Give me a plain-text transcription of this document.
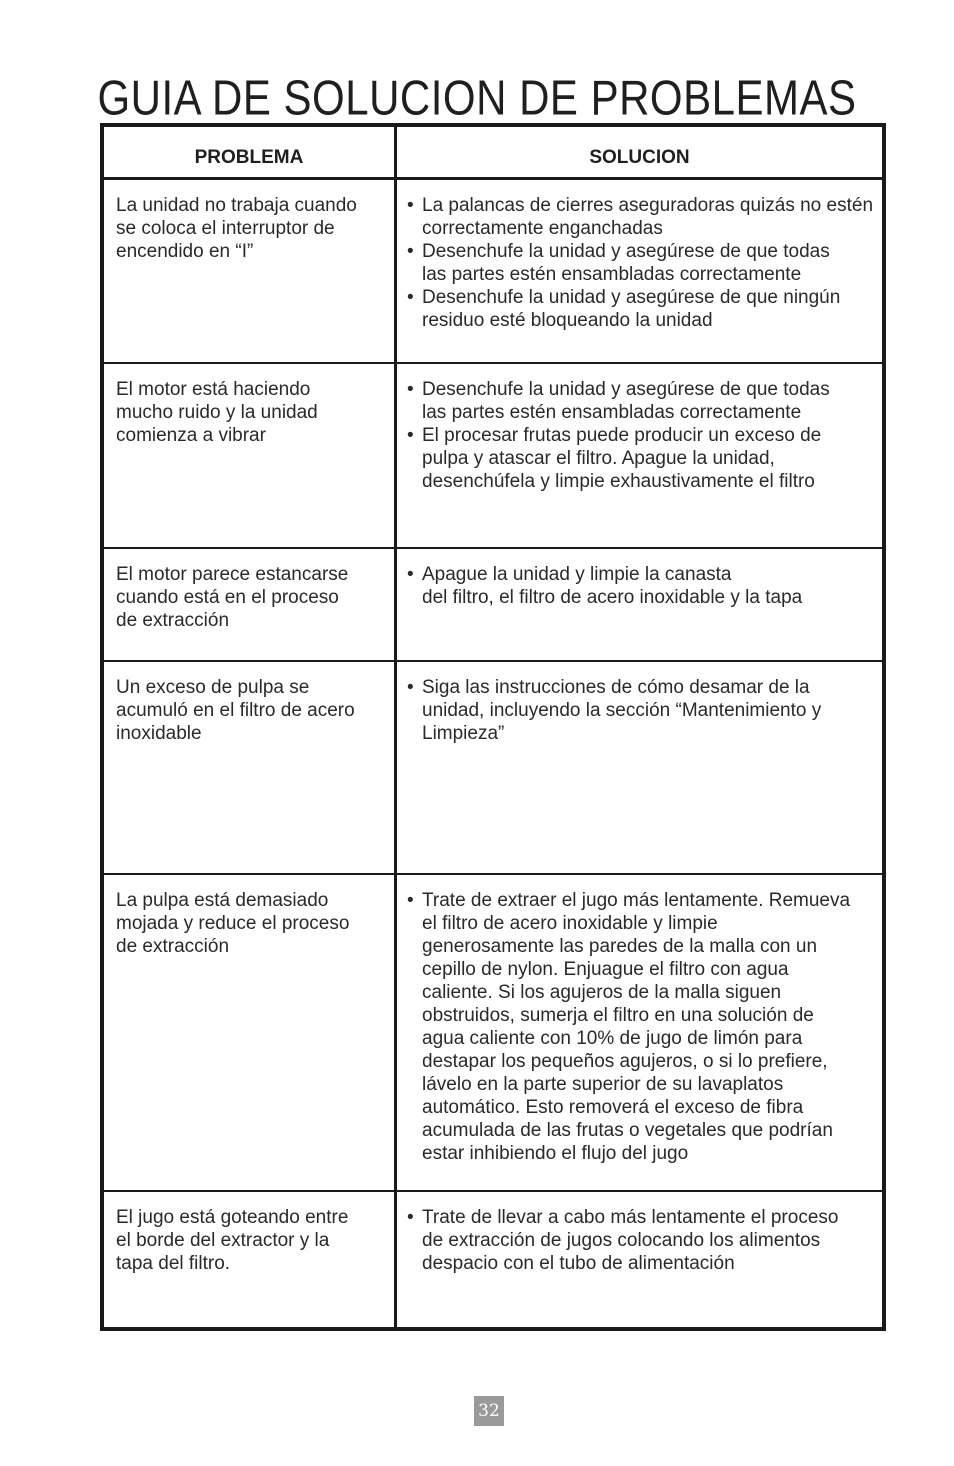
GUIA DE SOLUCION DE PROBLEMAS
PROBLEMA	SOLUCION
La unidad no trabaja cuando
se coloca el interruptor de
encendido en “I”
• La palancas de cierres aseguradoras quizás no estén
correctamente enganchadas
• Desenchufe la unidad y asegúrese de que todas
las partes estén ensambladas correctamente
• Desenchufe la unidad y asegúrese de que ningún
residuo esté bloqueando la unidad
El motor está haciendo
mucho ruido y la unidad
comienza a vibrar
• Desenchufe la unidad y asegúrese de que todas
las partes estén ensambladas correctamente
• El procesar frutas puede producir un exceso de
pulpa y atascar el filtro. Apague la unidad,
desenchúfela y limpie exhaustivamente el filtro
El motor parece estancarse
cuando está en el proceso
de extracción
• Apague la unidad y limpie la canasta
del filtro, el filtro de acero inoxidable y la tapa
Un exceso de pulpa se
acumuló en el filtro de acero
inoxidable
• Siga las instrucciones de cómo desamar de la
unidad, incluyendo la sección “Mantenimiento y
Limpieza”
La pulpa está demasiado
mojada y reduce el proceso
de extracción
• Trate de extraer el jugo más lentamente. Remueva
el filtro de acero inoxidable y limpie
generosamente las paredes de la malla con un
cepillo de nylon. Enjuague el filtro con agua
caliente. Si los agujeros de la malla siguen
obstruidos, sumerja el filtro en una solución de
agua caliente con 10% de jugo de limón para
destapar los pequeños agujeros, o si lo prefiere,
lávelo en la parte superior de su lavaplatos
automático. Esto removerá el exceso de fibra
acumulada de las frutas o vegetales que podrían
estar inhibiendo el flujo del jugo
El jugo está goteando entre
el borde del extractor y la
tapa del filtro.
• Trate de llevar a cabo más lentamente el proceso
de extracción de jugos colocando los alimentos
despacio con el tubo de alimentación
32
